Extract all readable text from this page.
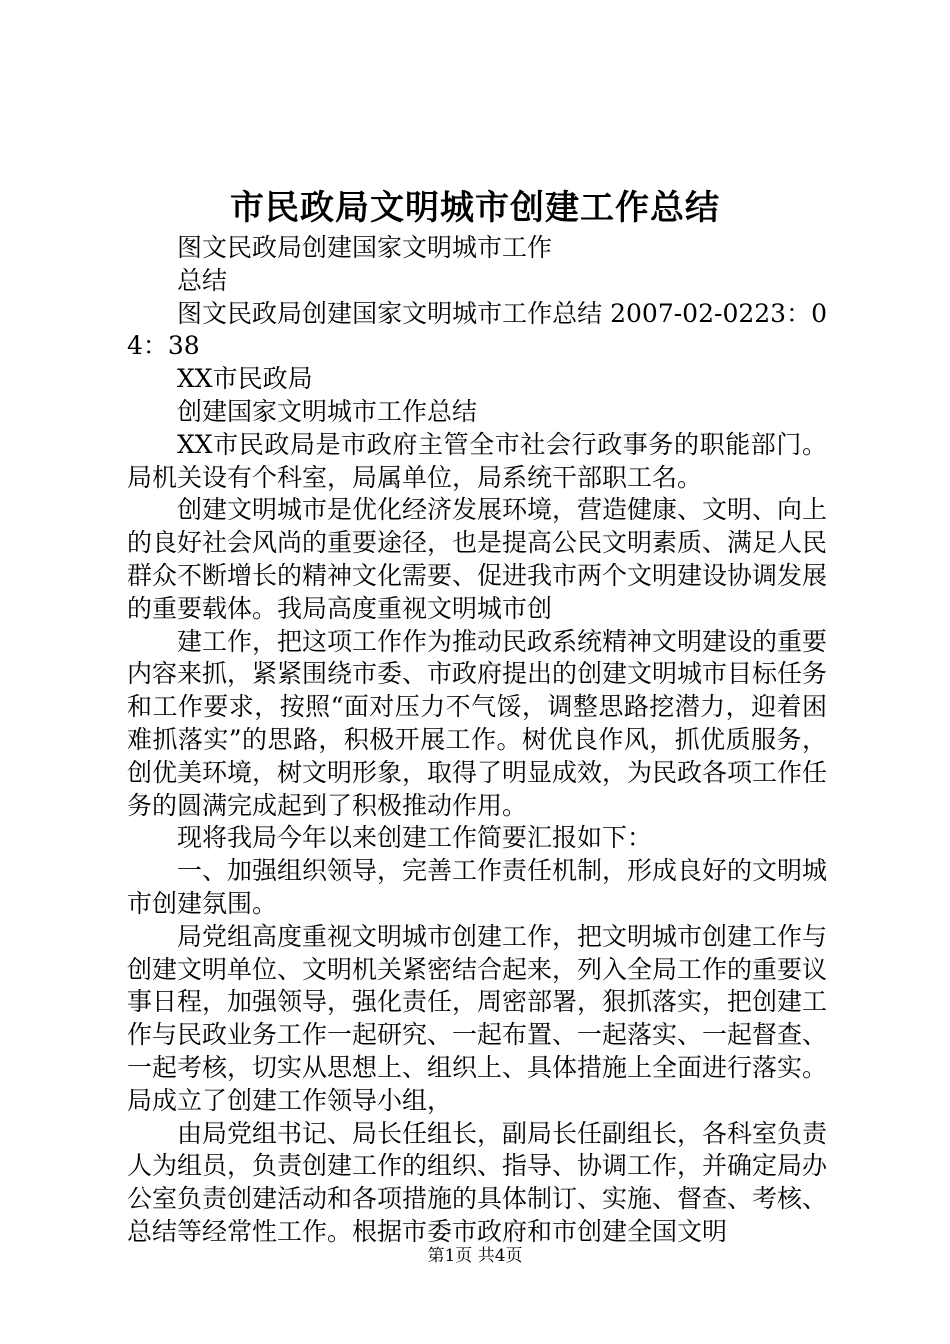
市民政局文明城市创建工作总结

图文民政局创建国家文明城市工作

总结

图文民政局创建国家文明城市工作总结 2007-02-0223：04：38

XX市民政局

创建国家文明城市工作总结

XX市民政局是市政府主管全市社会行政事务的职能部门。局机关设有个科室，局属单位，局系统干部职工名。

创建文明城市是优化经济发展环境，营造健康、文明、向上的良好社会风尚的重要途径，也是提高公民文明素质、满足人民群众不断增长的精神文化需要、促进我市两个文明建设协调发展的重要载体。我局高度重视文明城市创

建工作，把这项工作作为推动民政系统精神文明建设的重要内容来抓，紧紧围绕市委、市政府提出的创建文明城市目标任务和工作要求，按照“面对压力不气馁，调整思路挖潜力，迎着困难抓落实”的思路，积极开展工作。树优良作风，抓优质服务，创优美环境，树文明形象，取得了明显成效，为民政各项工作任务的圆满完成起到了积极推动作用。

现将我局今年以来创建工作简要汇报如下：

一、加强组织领导，完善工作责任机制，形成良好的文明城市创建氛围。

局党组高度重视文明城市创建工作，把文明城市创建工作与创建文明单位、文明机关紧密结合起来，列入全局工作的重要议事日程，加强领导，强化责任，周密部署，狠抓落实，把创建工作与民政业务工作一起研究、一起布置、一起落实、一起督查、一起考核，切实从思想上、组织上、具体措施上全面进行落实。局成立了创建工作领导小组，

由局党组书记、局长任组长，副局长任副组长，各科室负责人为组员，负责创建工作的组织、指导、协调工作，并确定局办公室负责创建活动和各项措施的具体制订、实施、督查、考核、总结等经常性工作。根据市委市政府和市创建全国文明

第1页 共4页
